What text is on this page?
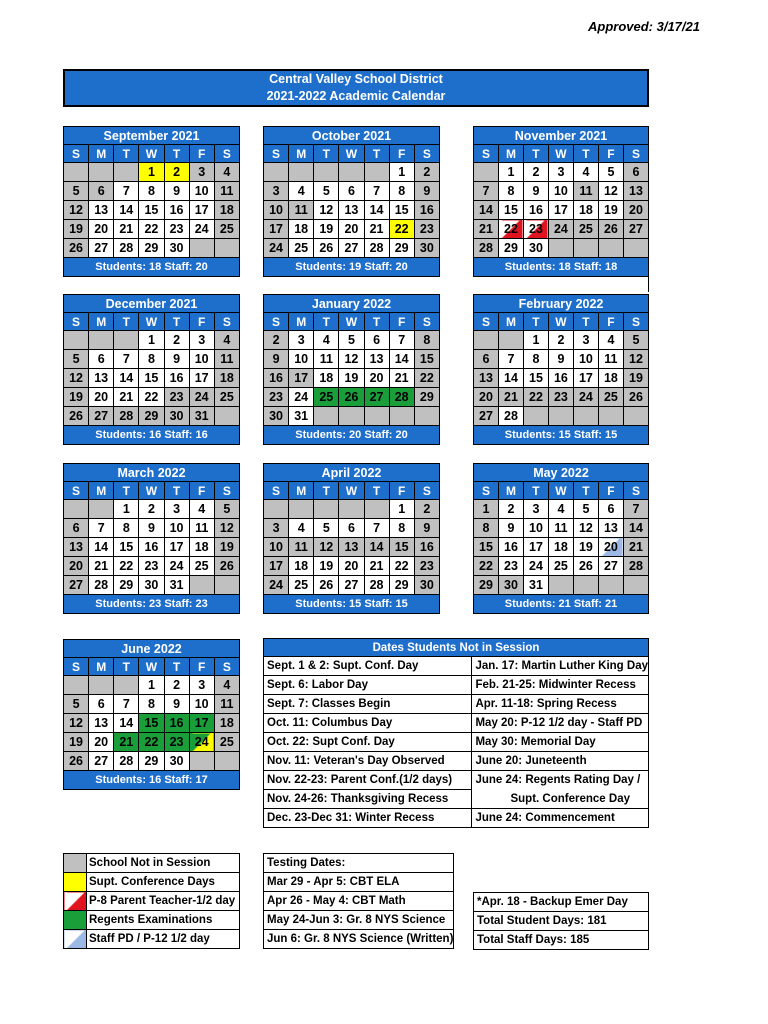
Approved: 3/17/21
Central Valley School District
2021-2022 Academic Calendar
September 2021						
S	M	T	W	T	F	S
			1	2	3	4
5	6	7	8	9	10	11
12	13	14	15	16	17	18
19	20	21	22	23	24	25
26	27	28	29	30		
Students: 18 Staff: 20						
October 2021						
S	M	T	W	T	F	S
					1	2
3	4	5	6	7	8	9
10	11	12	13	14	15	16
17	18	19	20	21	22	23
24	25	26	27	28	29	30
Students: 19 Staff: 20						
November 2021						
S	M	T	W	T	F	S
	1	2	3	4	5	6
7	8	9	10	11	12	13
14	15	16	17	18	19	20
21	22	23	24	25	26	27
28	29	30				
Students: 18 Staff: 18						
December 2021						
S	M	T	W	T	F	S
			1	2	3	4
5	6	7	8	9	10	11
12	13	14	15	16	17	18
19	20	21	22	23	24	25
26	27	28	29	30	31	
Students: 16 Staff: 16						
January 2022						
S	M	T	W	T	F	S
2	3	4	5	6	7	8
9	10	11	12	13	14	15
16	17	18	19	20	21	22
23	24	25	26	27	28	29
30	31					
Students: 20 Staff: 20						
February 2022						
S	M	T	W	T	F	S
		1	2	3	4	5
6	7	8	9	10	11	12
13	14	15	16	17	18	19
20	21	22	23	24	25	26
27	28					
Students: 15 Staff: 15						
March 2022						
S	M	T	W	T	F	S
		1	2	3	4	5
6	7	8	9	10	11	12
13	14	15	16	17	18	19
20	21	22	23	24	25	26
27	28	29	30	31		
Students: 23 Staff: 23						
April 2022						
S	M	T	W	T	F	S
					1	2
3	4	5	6	7	8	9
10	11	12	13	14	15	16
17	18	19	20	21	22	23
24	25	26	27	28	29	30
Students: 15 Staff: 15						
May 2022						
S	M	T	W	T	F	S
1	2	3	4	5	6	7
8	9	10	11	12	13	14
15	16	17	18	19	20	21
22	23	24	25	26	27	28
29	30	31				
Students: 21 Staff: 21						
June 2022						
S	M	T	W	T	F	S
			1	2	3	4
5	6	7	8	9	10	11
12	13	14	15	16	17	18
19	20	21	22	23	24	25
26	27	28	29	30		
Students: 16 Staff: 17						
Dates Students Not in Session	
Sept. 1 & 2: Supt. Conf. Day	Jan. 17: Martin Luther King Day
Sept. 6: Labor Day	Feb. 21-25: Midwinter Recess
Sept. 7: Classes Begin	Apr. 11-18: Spring Recess
Oct. 11: Columbus Day	May 20: P-12 1/2 day - Staff PD
Oct. 22: Supt Conf. Day	May 30: Memorial Day
Nov. 11: Veteran's Day Observed	June 20: Juneteenth
Nov. 22-23: Parent Conf.(1/2 days)	June 24: Regents Rating Day /
Nov. 24-26: Thanksgiving Recess	Supt. Conference Day
Dec. 23-Dec 31: Winter Recess	June 24: Commencement
	School Not in Session
	Supt. Conference Days
	P-8 Parent Teacher-1/2 day
	Regents Examinations
	Staff PD / P-12 1/2 day
Testing Dates:
Mar 29 - Apr 5: CBT ELA
Apr 26 - May 4: CBT Math
May 24-Jun 3: Gr. 8 NYS Science
Jun 6: Gr. 8 NYS Science (Written)
*Apr. 18 - Backup Emer Day
Total Student Days: 181
Total Staff Days: 185
